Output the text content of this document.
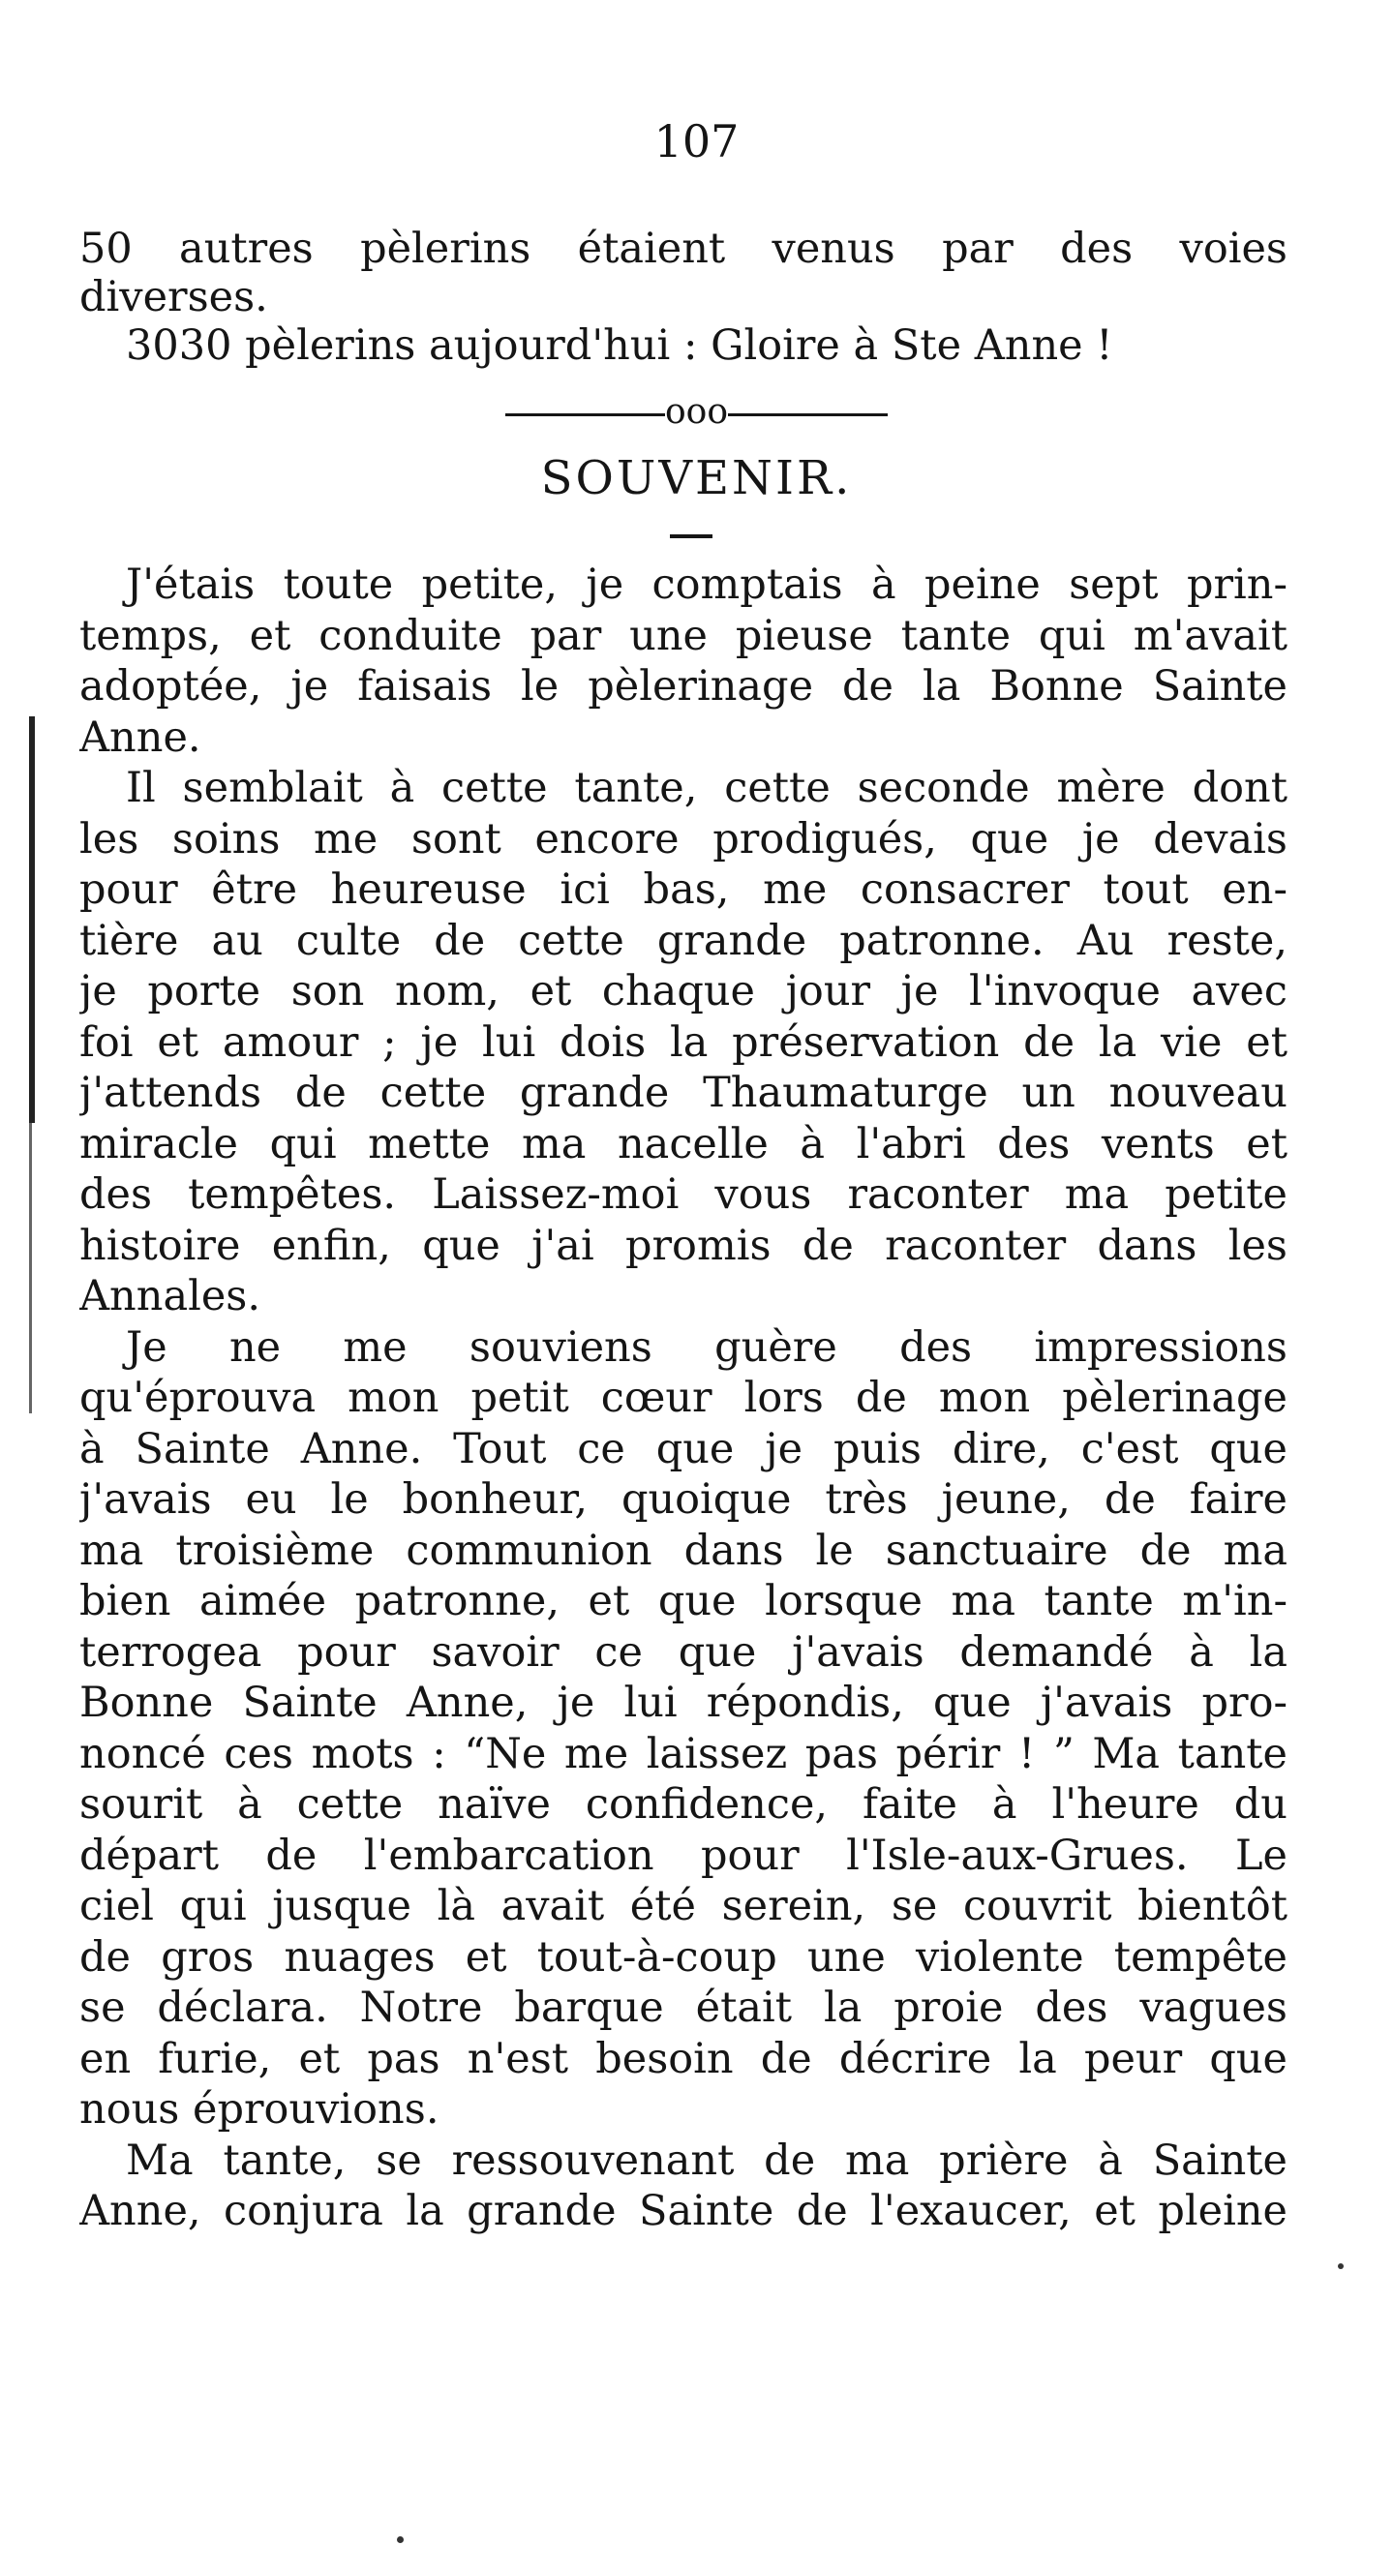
107
50 autres pèlerins étaient venus par des voies
diverses.
3030 pèlerins aujourd'hui : Gloire à Ste Anne !
ooo
SOUVENIR.
J'étais toute petite, je comptais à peine sept prin-
temps, et conduite par une pieuse tante qui m'avait
adoptée, je faisais le pèlerinage de la Bonne Sainte
Anne.
Il semblait à cette tante, cette seconde mère dont
les soins me sont encore prodigués, que je devais
pour être heureuse ici bas, me consacrer tout en-
tière au culte de cette grande patronne. Au reste,
je porte son nom, et chaque jour je l'invoque avec
foi et amour ; je lui dois la préservation de la vie et
j'attends de cette grande Thaumaturge un nouveau
miracle qui mette ma nacelle à l'abri des vents et
des tempêtes. Laissez-moi vous raconter ma petite
histoire enfin, que j'ai promis de raconter dans les
Annales.
Je ne me souviens guère des impressions
qu'éprouva mon petit cœur lors de mon pèlerinage
à Sainte Anne. Tout ce que je puis dire, c'est que
j'avais eu le bonheur, quoique très jeune, de faire
ma troisième communion dans le sanctuaire de ma
bien aimée patronne, et que lorsque ma tante m'in-
terrogea pour savoir ce que j'avais demandé à la
Bonne Sainte Anne, je lui répondis, que j'avais pro-
noncé ces mots : “Ne me laissez pas périr ! ” Ma tante
sourit à cette naïve confidence, faite à l'heure du
départ de l'embarcation pour l'Isle-aux-Grues. Le
ciel qui jusque là avait été serein, se couvrit bientôt
de gros nuages et tout-à-coup une violente tempête
se déclara. Notre barque était la proie des vagues
en furie, et pas n'est besoin de décrire la peur que
nous éprouvions.
Ma tante, se ressouvenant de ma prière à Sainte
Anne, conjura la grande Sainte de l'exaucer, et pleine
